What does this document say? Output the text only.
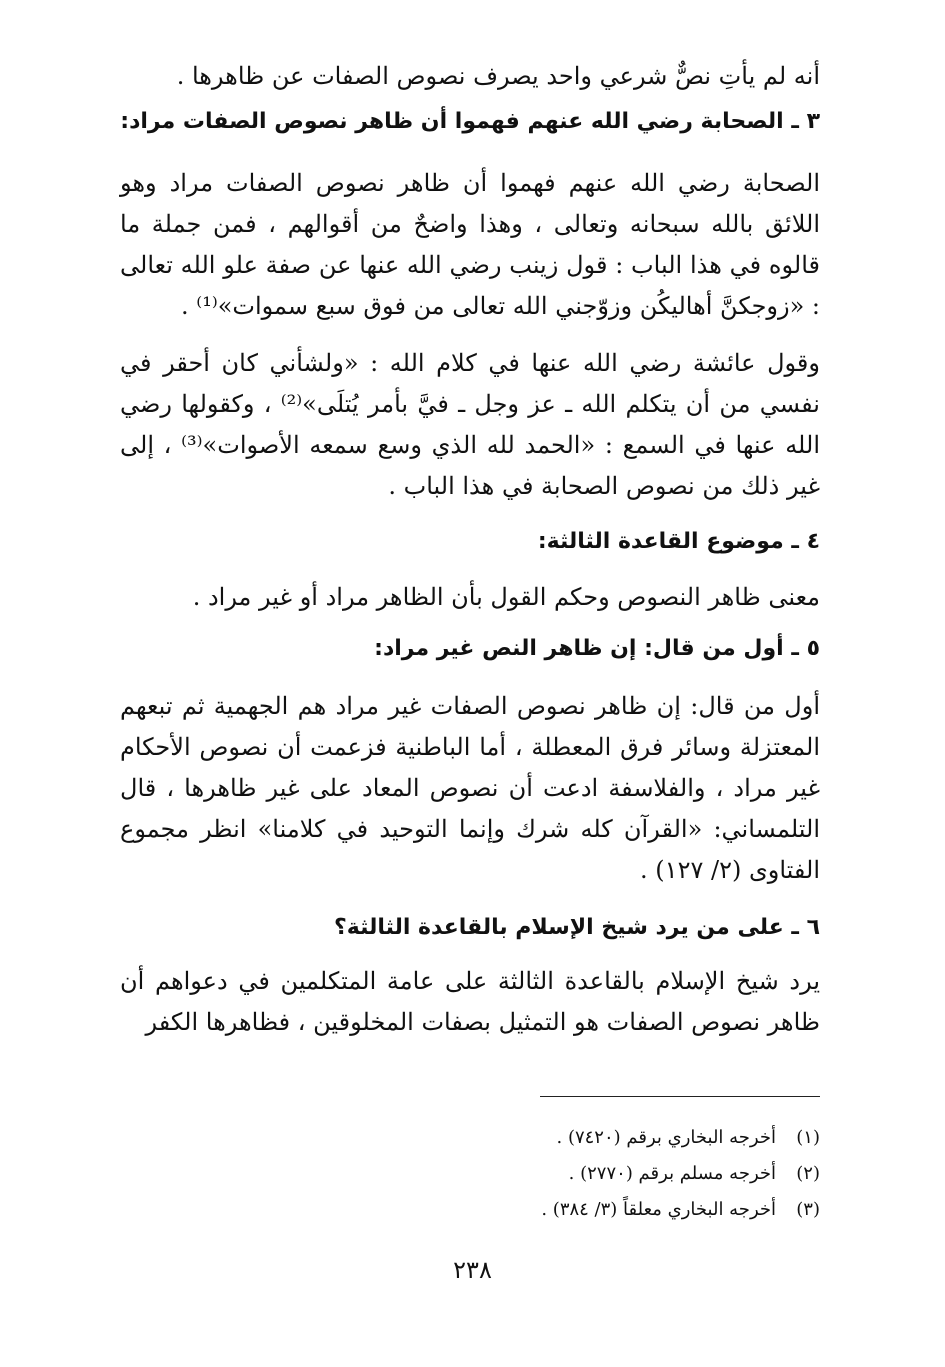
أنه لم يأتِ نصٌّ شرعي واحد يصرف نصوص الصفات عن ظاهرها .

٣ ـ الصحابة رضي الله عنهم فهموا أن ظاهر نصوص الصفات مراد:

الصحابة رضي الله عنهم فهموا أن ظاهر نصوص الصفات مراد وهو اللائق بالله سبحانه وتعالى ، وهذا واضحٌ من أقوالهم ، فمن جملة ما قالوه في هذا الباب : قول زينب رضي الله عنها عن صفة علو الله تعالى : «زوجكنَّ أهاليكُن وزوّجني الله تعالى من فوق سبع سموات»⁽¹⁾ .

وقول عائشة رضي الله عنها في كلام الله : «ولشأني كان أحقر في نفسي من أن يتكلم الله ـ عز وجل ـ فيَّ بأمر يُتلَى»⁽²⁾ ، وكقولها رضي الله عنها في السمع : «الحمد لله الذي وسع سمعه الأصوات»⁽³⁾ ، إلى غير ذلك من نصوص الصحابة في هذا الباب .

٤ ـ موضوع القاعدة الثالثة:

معنى ظاهر النصوص وحكم القول بأن الظاهر مراد أو غير مراد .

٥ ـ أول من قال: إن ظاهر النص غير مراد:

أول من قال: إن ظاهر نصوص الصفات غير مراد هم الجهمية ثم تبعهم المعتزلة وسائر فرق المعطلة ، أما الباطنية فزعمت أن نصوص الأحكام غير مراد ، والفلاسفة ادعت أن نصوص المعاد على غير ظاهرها ، قال التلمساني: «القرآن كله شرك وإنما التوحيد في كلامنا» انظر مجموع الفتاوى (٢/ ١٢٧) .

٦ ـ على من يرد شيخ الإسلام بالقاعدة الثالثة؟

يرد شيخ الإسلام بالقاعدة الثالثة على عامة المتكلمين في دعواهم أن ظاهر نصوص الصفات هو التمثيل بصفات المخلوقين ، فظاهرها الكفر

(١)
أخرجه البخاري برقم (٧٤٢٠) .
(٢)
أخرجه مسلم برقم (٢٧٧٠) .
(٣)
أخرجه البخاري معلقاً (٣/ ٣٨٤) .
٢٣٨
